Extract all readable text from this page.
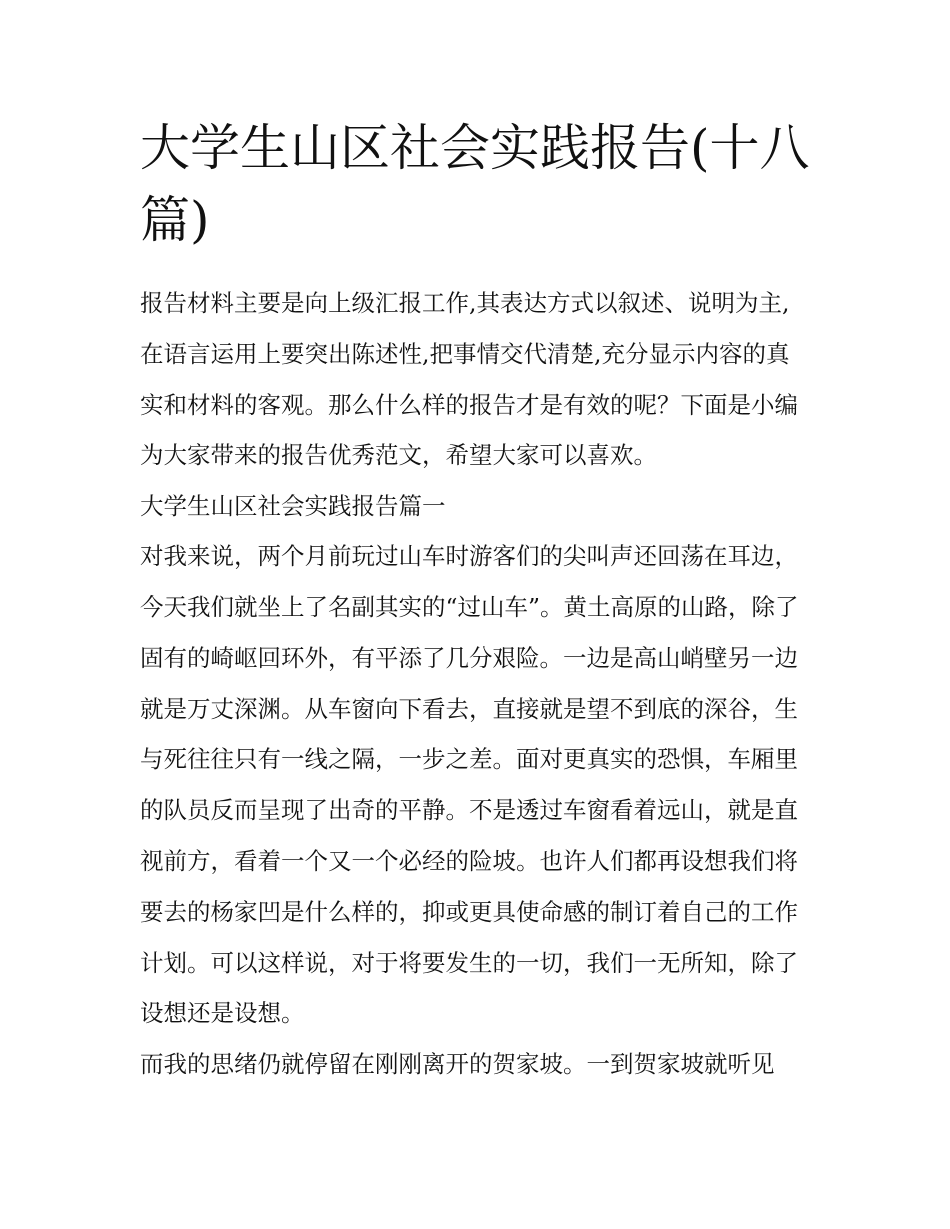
大学生山区社会实践报告(十八篇)

报告材料主要是向上级汇报工作,其表达方式以叙述、说明为主,在语言运用上要突出陈述性,把事情交代清楚,充分显示内容的真实和材料的客观。那么什么样的报告才是有效的呢？下面是小编为大家带来的报告优秀范文，希望大家可以喜欢。

大学生山区社会实践报告篇一

对我来说，两个月前玩过山车时游客们的尖叫声还回荡在耳边，今天我们就坐上了名副其实的“过山车”。黄土高原的山路，除了固有的崎岖回环外，有平添了几分艰险。一边是高山峭壁另一边就是万丈深渊。从车窗向下看去，直接就是望不到底的深谷，生与死往往只有一线之隔，一步之差。面对更真实的恐惧，车厢里的队员反而呈现了出奇的平静。不是透过车窗看着远山，就是直视前方，看着一个又一个必经的险坡。也许人们都再设想我们将要去的杨家凹是什么样的，抑或更具使命感的制订着自己的工作计划。可以这样说，对于将要发生的一切，我们一无所知，除了设想还是设想。

而我的思绪仍就停留在刚刚离开的贺家坡。一到贺家坡就听见
